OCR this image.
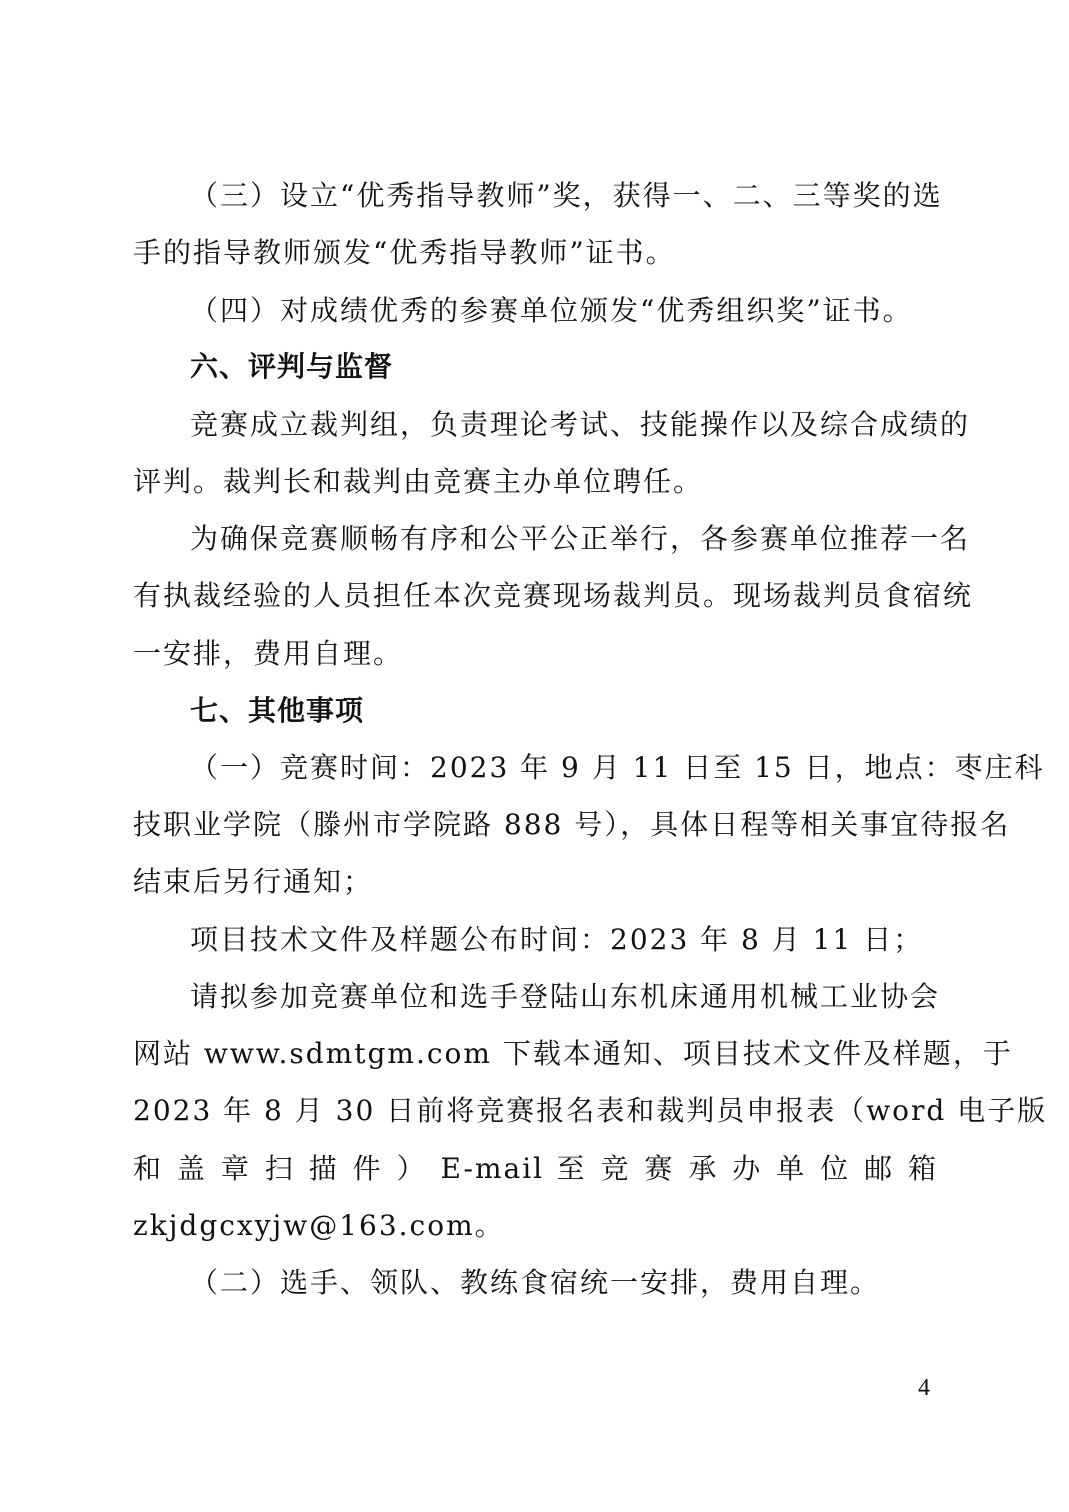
（三）设立“优秀指导教师”奖，获得一、二、三等奖的选
手的指导教师颁发“优秀指导教师”证书。
（四）对成绩优秀的参赛单位颁发“优秀组织奖”证书。
六、评判与监督
竞赛成立裁判组，负责理论考试、技能操作以及综合成绩的
评判。裁判长和裁判由竞赛主办单位聘任。
为确保竞赛顺畅有序和公平公正举行，各参赛单位推荐一名
有执裁经验的人员担任本次竞赛现场裁判员。现场裁判员食宿统
一安排，费用自理。
七、其他事项
（一）竞赛时间：2023 年 9 月 11 日至 15 日，地点：枣庄科
技职业学院（滕州市学院路 888 号），具体日程等相关事宜待报名
结束后另行通知；
项目技术文件及样题公布时间：2023 年 8 月 11 日；
请拟参加竞赛单位和选手登陆山东机床通用机械工业协会
网站 www.sdmtgm.com 下载本通知、项目技术文件及样题，于
2023 年 8 月 30 日前将竞赛报名表和裁判员申报表（word 电子版
和 盖 章 扫 描 件 ） E-mail 至 竞 赛 承 办 单 位 邮 箱
zkjdgcxyjw@163.com。
（二）选手、领队、教练食宿统一安排，费用自理。
4
